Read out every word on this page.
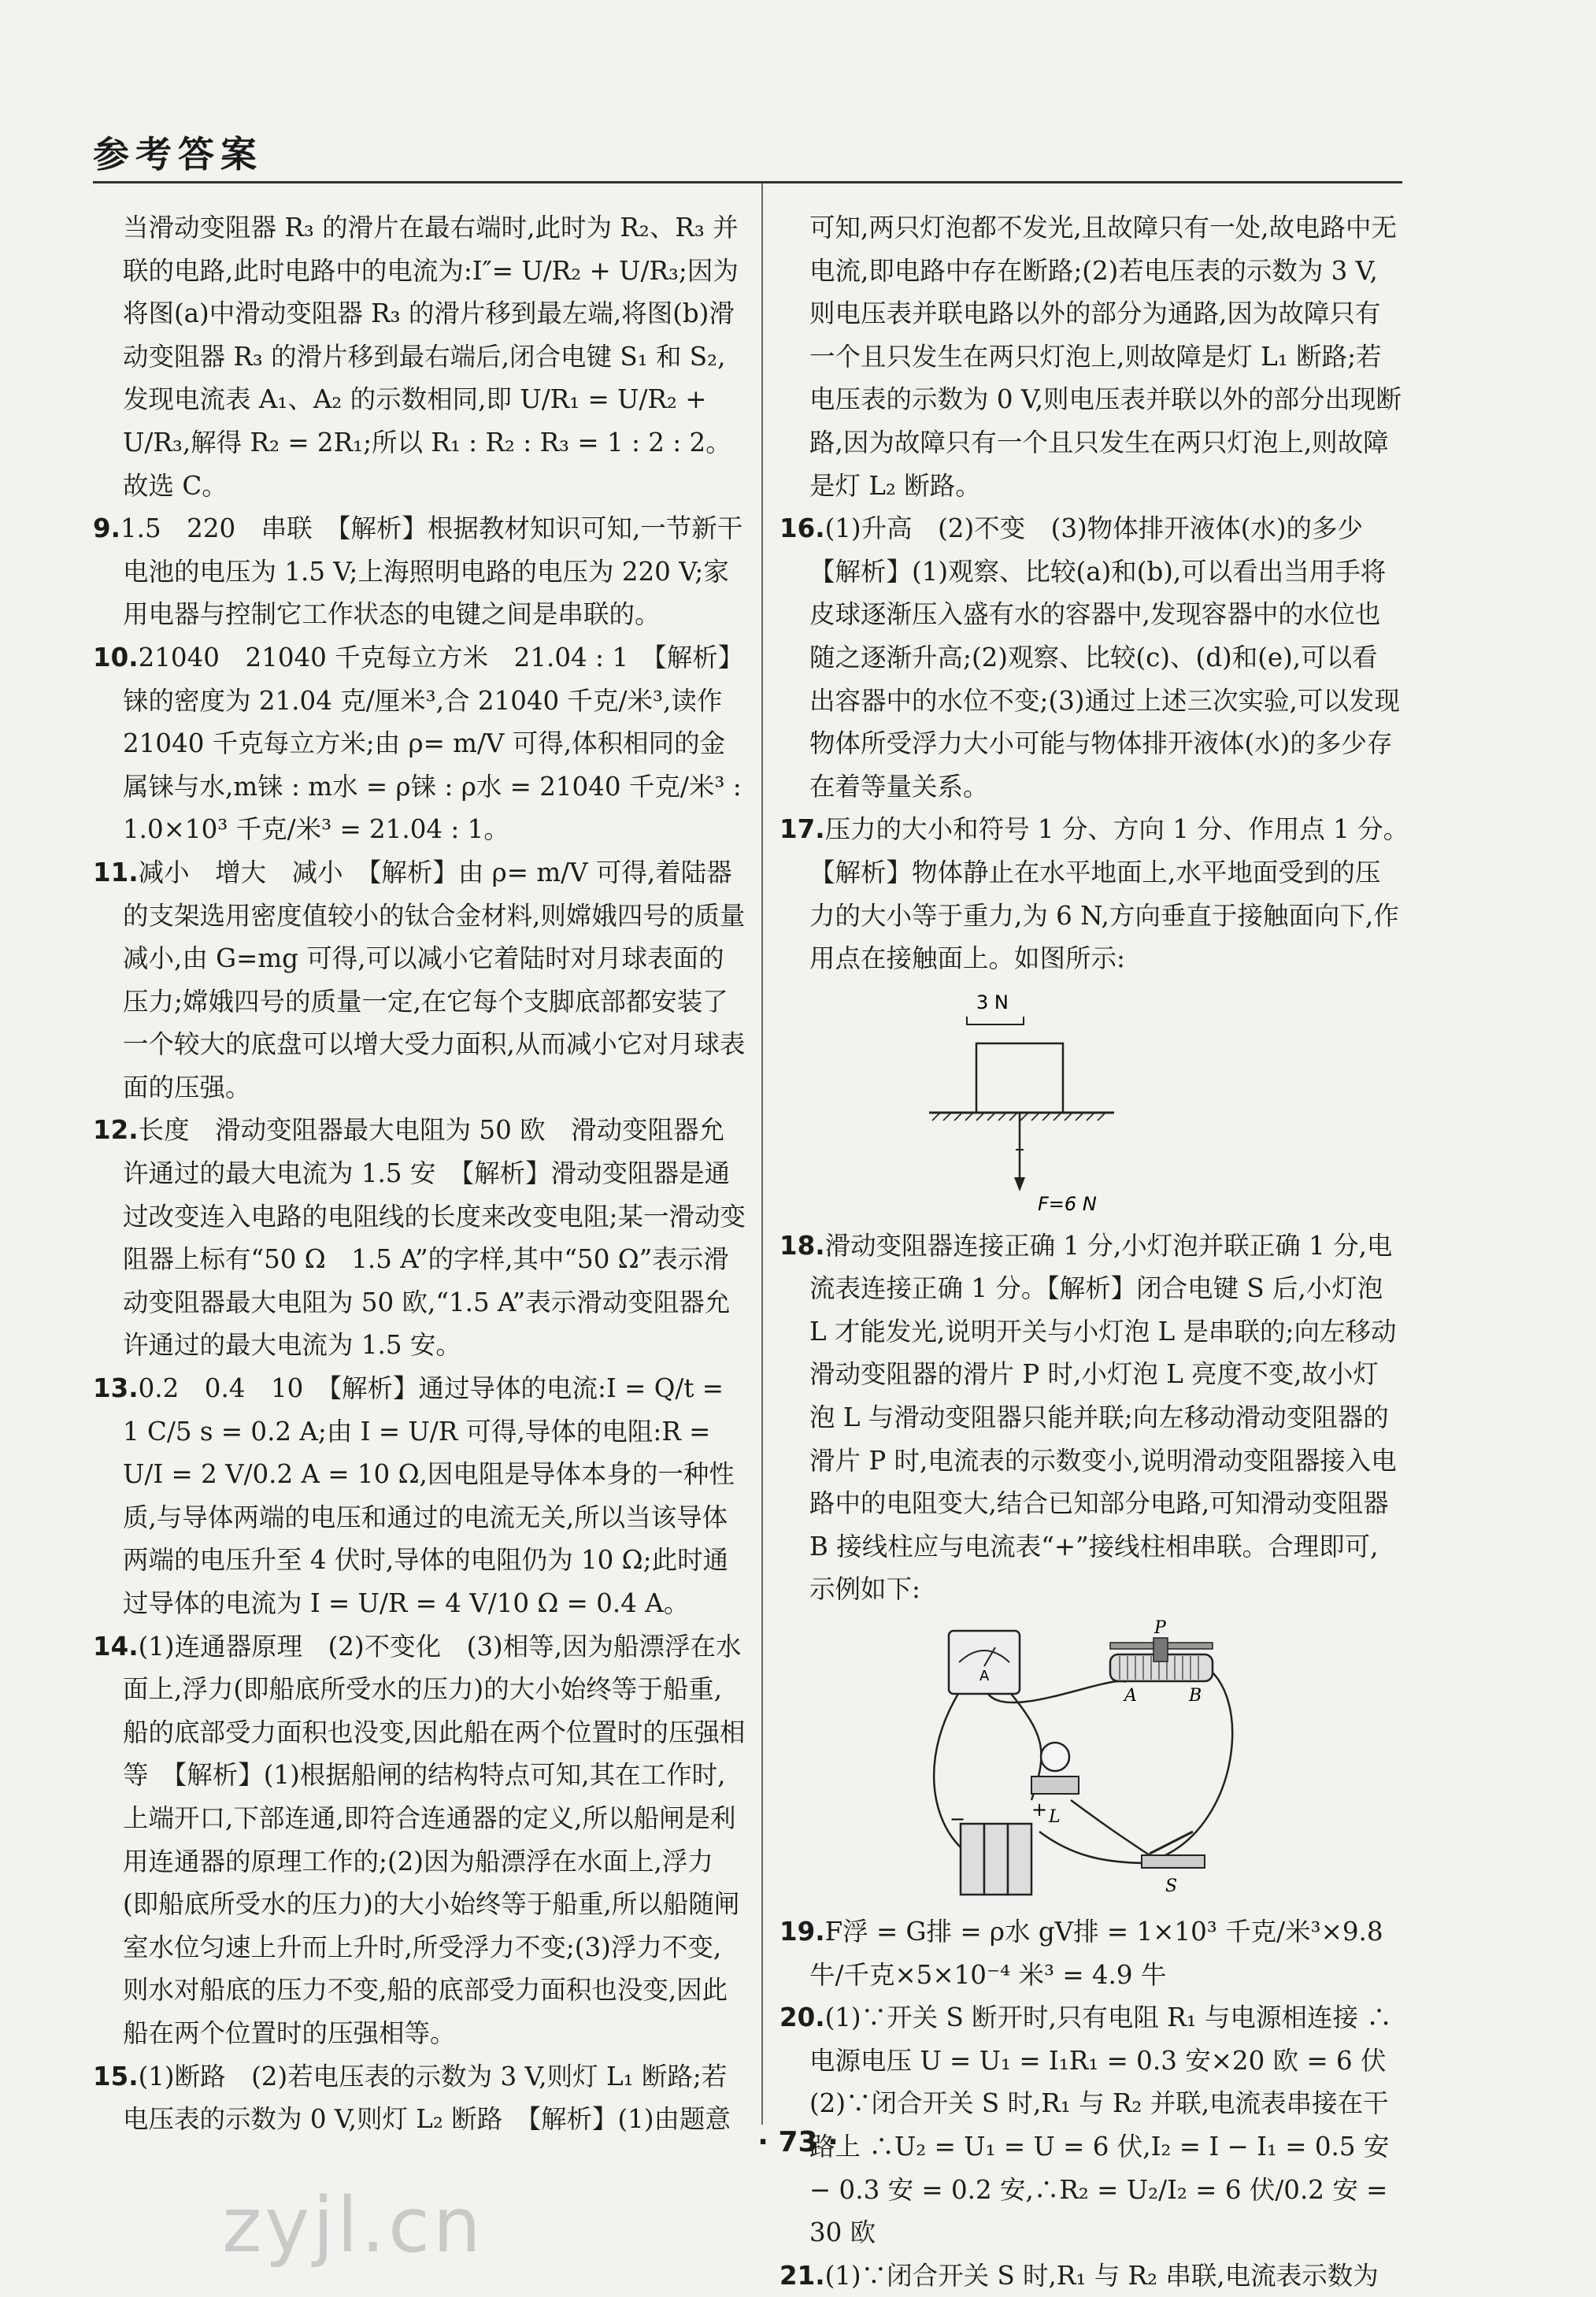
参考答案

当滑动变阻器 R₃ 的滑片在最右端时,此时为 R₂、R₃ 并联的电路,此时电路中的电流为:I″= U/R₂ + U/R₃;因为将图(a)中滑动变阻器 R₃ 的滑片移到最左端,将图(b)滑动变阻器 R₃ 的滑片移到最右端后,闭合电键 S₁ 和 S₂,发现电流表 A₁、A₂ 的示数相同,即 U/R₁ = U/R₂ + U/R₃,解得 R₂ = 2R₁;所以 R₁ : R₂ : R₃ = 1 : 2 : 2。故选 C。

9.1.5　220　串联　【解析】根据教材知识可知,一节新干电池的电压为 1.5 V;上海照明电路的电压为 220 V;家用电器与控制它工作状态的电键之间是串联的。

10.21040　21040 千克每立方米　21.04 : 1　【解析】铼的密度为 21.04 克/厘米³,合 21040 千克/米³,读作 21040 千克每立方米;由 ρ= m/V 可得,体积相同的金属铼与水,m铼 : m水 = ρ铼 : ρ水 = 21040 千克/米³ : 1.0×10³ 千克/米³ = 21.04 : 1。

11.减小　增大　减小　【解析】由 ρ= m/V 可得,着陆器的支架选用密度值较小的钛合金材料,则嫦娥四号的质量减小,由 G=mg 可得,可以减小它着陆时对月球表面的压力;嫦娥四号的质量一定,在它每个支脚底部都安装了一个较大的底盘可以增大受力面积,从而减小它对月球表面的压强。

12.长度　滑动变阻器最大电阻为 50 欧　滑动变阻器允许通过的最大电流为 1.5 安　【解析】滑动变阻器是通过改变连入电路的电阻线的长度来改变电阻;某一滑动变阻器上标有“50 Ω　1.5 A”的字样,其中“50 Ω”表示滑动变阻器最大电阻为 50 欧,“1.5 A”表示滑动变阻器允许通过的最大电流为 1.5 安。

13.0.2　0.4　10　【解析】通过导体的电流:I = Q/t = 1 C/5 s = 0.2 A;由 I = U/R 可得,导体的电阻:R = U/I = 2 V/0.2 A = 10 Ω,因电阻是导体本身的一种性质,与导体两端的电压和通过的电流无关,所以当该导体两端的电压升至 4 伏时,导体的电阻仍为 10 Ω;此时通过导体的电流为 I = U/R = 4 V/10 Ω = 0.4 A。

14.(1)连通器原理　(2)不变化　(3)相等,因为船漂浮在水面上,浮力(即船底所受水的压力)的大小始终等于船重,船的底部受力面积也没变,因此船在两个位置时的压强相等　【解析】(1)根据船闸的结构特点可知,其在工作时,上端开口,下部连通,即符合连通器的定义,所以船闸是利用连通器的原理工作的;(2)因为船漂浮在水面上,浮力(即船底所受水的压力)的大小始终等于船重,所以船随闸室水位匀速上升而上升时,所受浮力不变;(3)浮力不变,则水对船底的压力不变,船的底部受力面积也没变,因此船在两个位置时的压强相等。

15.(1)断路　(2)若电压表的示数为 3 V,则灯 L₁ 断路;若电压表的示数为 0 V,则灯 L₂ 断路　【解析】(1)由题意

可知,两只灯泡都不发光,且故障只有一处,故电路中无电流,即电路中存在断路;(2)若电压表的示数为 3 V,则电压表并联电路以外的部分为通路,因为故障只有一个且只发生在两只灯泡上,则故障是灯 L₁ 断路;若电压表的示数为 0 V,则电压表并联以外的部分出现断路,因为故障只有一个且只发生在两只灯泡上,则故障是灯 L₂ 断路。

16.(1)升高　(2)不变　(3)物体排开液体(水)的多少　【解析】(1)观察、比较(a)和(b),可以看出当用手将皮球逐渐压入盛有水的容器中,发现容器中的水位也随之逐渐升高;(2)观察、比较(c)、(d)和(e),可以看出容器中的水位不变;(3)通过上述三次实验,可以发现物体所受浮力大小可能与物体排开液体(水)的多少存在着等量关系。

17.压力的大小和符号 1 分、方向 1 分、作用点 1 分。　【解析】物体静止在水平地面上,水平地面受到的压力的大小等于重力,为 6 N,方向垂直于接触面向下,作用点在接触面上。如图所示:

3 N
F=6 N

18.滑动变阻器连接正确 1 分,小灯泡并联正确 1 分,电流表连接正确 1 分。【解析】闭合电键 S 后,小灯泡 L 才能发光,说明开关与小灯泡 L 是串联的;向左移动滑动变阻器的滑片 P 时,小灯泡 L 亮度不变,故小灯泡 L 与滑动变阻器只能并联;向左移动滑动变阻器的滑片 P 时,电流表的示数变小,说明滑动变阻器接入电路中的电阻变大,结合已知部分电路,可知滑动变阻器 B 接线柱应与电流表“+”接线柱相串联。合理即可,示例如下:

A
P
A	B
L
−	+
S

19.F浮 = G排 = ρ水 gV排 = 1×10³ 千克/米³×9.8 牛/千克×5×10⁻⁴ 米³ = 4.9 牛

20.(1)∵开关 S 断开时,只有电阻 R₁ 与电源相连接 ∴电源电压 U = U₁ = I₁R₁ = 0.3 安×20 欧 = 6 伏 (2)∵闭合开关 S 时,R₁ 与 R₂ 并联,电流表串接在干路上 ∴U₂ = U₁ = U = 6 伏,I₂ = I − I₁ = 0.5 安 − 0.3 安 = 0.2 安,∴R₂ = U₂/I₂ = 6 伏/0.2 安 = 30 欧

21.(1)∵闭合开关 S 时,R₁ 与 R₂ 串联,电流表示数为

· 73 ·
zyjl.cn
